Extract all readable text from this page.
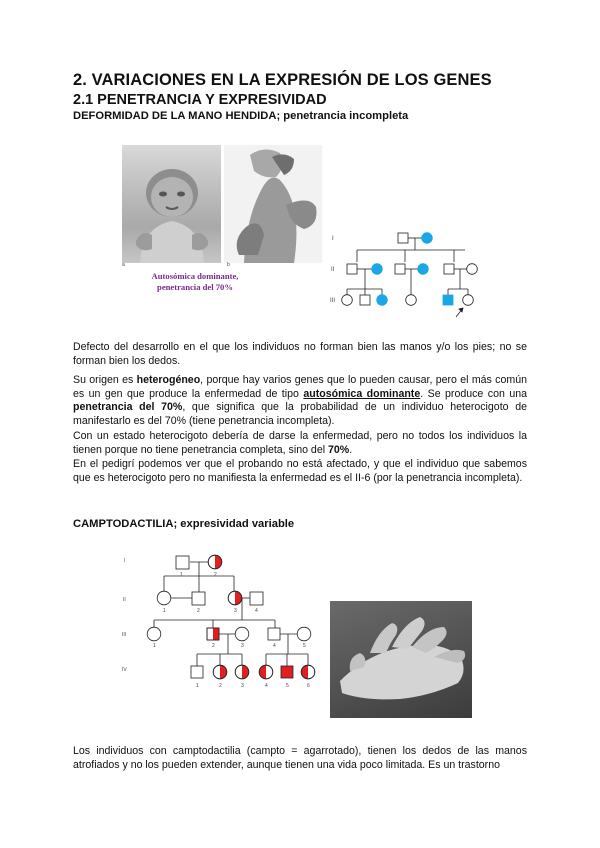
2. VARIACIONES EN LA EXPRESIÓN DE LOS GENES
2.1 PENETRANCIA Y EXPRESIVIDAD
DEFORMIDAD DE LA MANO HENDIDA; penetrancia incompleta
a	b
Autosómica dominante,
penetrancia del 70%
I
II
III

Defecto del desarrollo en el que los individuos no forman bien las manos y/o los pies; no se forman bien los dedos.

Su origen es heterogéneo, porque hay varios genes que lo pueden causar, pero el más común es un gen que produce la enfermedad de tipo autosómica dominante. Se produce con una penetrancia del 70%, que significa que la probabilidad de un individuo heterocigoto de manifestarlo es del 70% (tiene penetrancia incompleta).

Con un estado heterocigoto debería de darse la enfermedad, pero no todos los individuos la tienen porque no tiene penetrancia completa, sino del 70%.

En el pedigrí podemos ver que el probando no está afectado, y que el individuo que sabemos que es heterocigoto pero no manifiesta la enfermedad es el II-6 (por la penetrancia incompleta).

CAMPTODACTILIA; expresividad variable
I
II
III
IV
1	2
1	2	3	4
1	2	3	4	5
1	2	3	4	5	6

Los individuos con camptodactilia (campto = agarrotado), tienen los dedos de las manos atrofiados y no los pueden extender, aunque tienen una vida poco limitada. Es un trastorno
